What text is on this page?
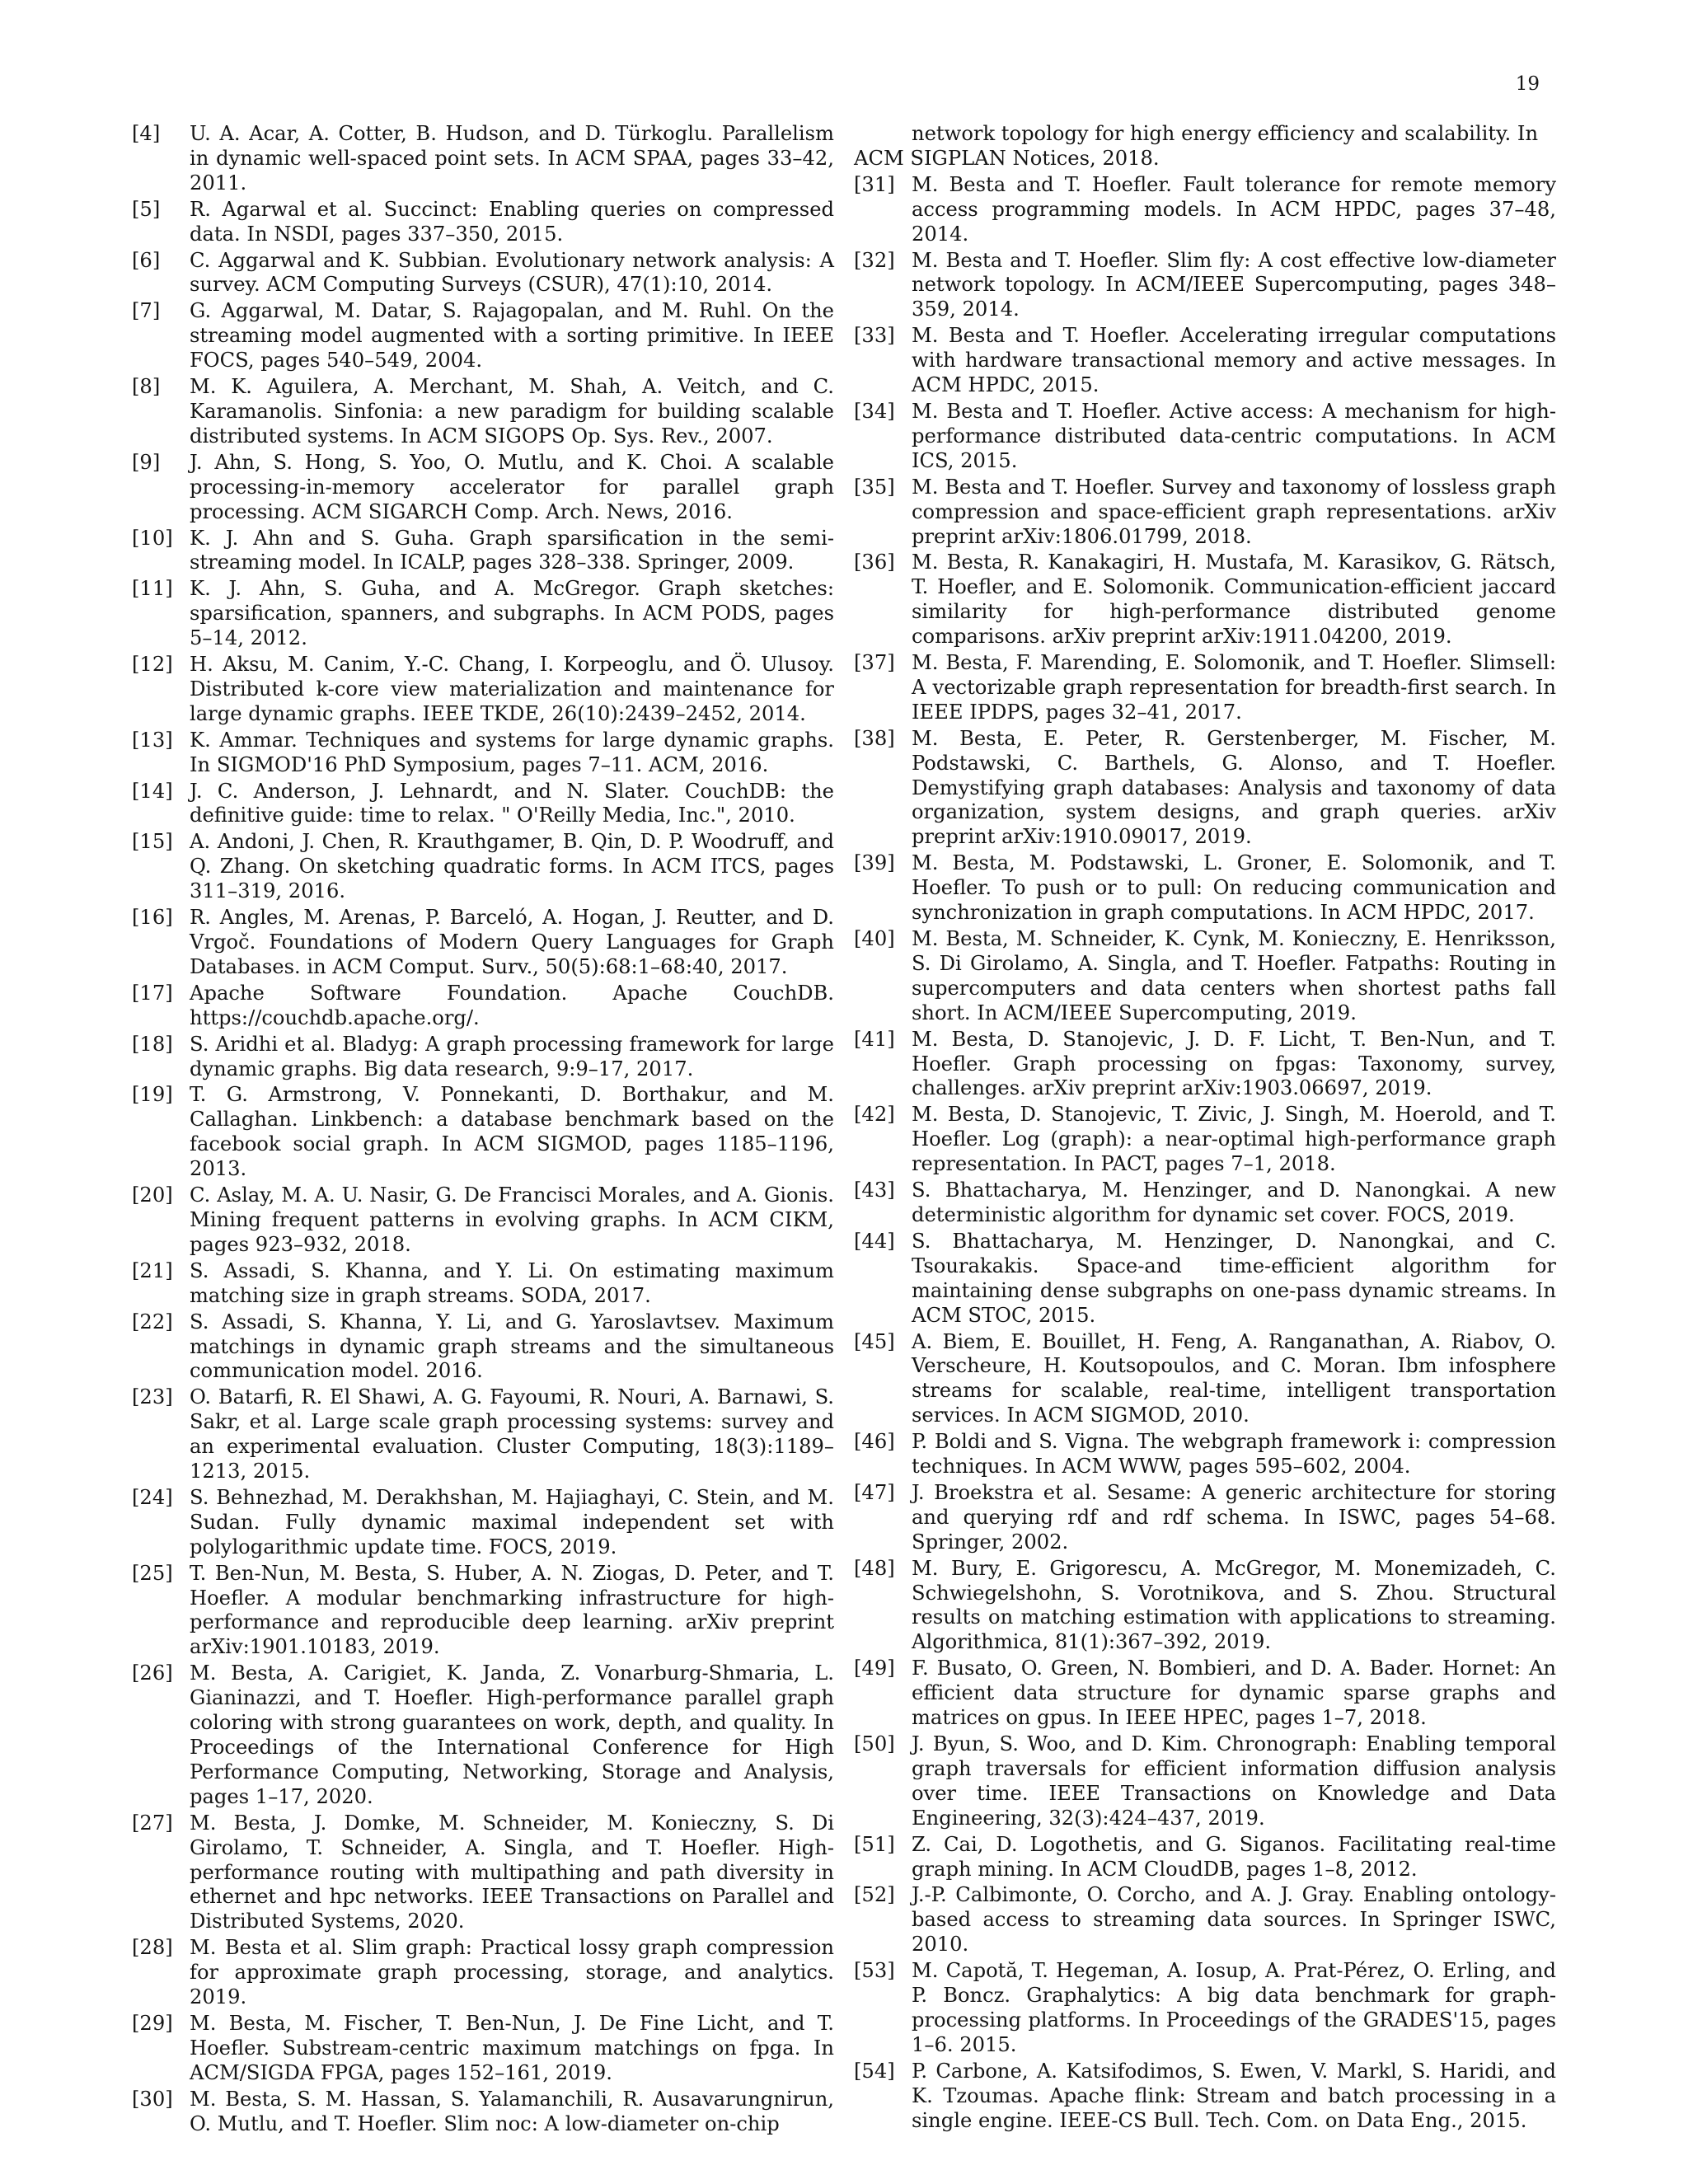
19
[4]	U. A. Acar, A. Cotter, B. Hudson, and D. Türkoglu. Parallelism in dynamic well-spaced point sets. In ACM SPAA, pages 33–42, 2011.
[5]	R. Agarwal et al. Succinct: Enabling queries on compressed data. In NSDI, pages 337–350, 2015.
[6]	C. Aggarwal and K. Subbian. Evolutionary network analysis: A survey. ACM Computing Surveys (CSUR), 47(1):10, 2014.
[7]	G. Aggarwal, M. Datar, S. Rajagopalan, and M. Ruhl. On the streaming model augmented with a sorting primitive. In IEEE FOCS, pages 540–549, 2004.
[8]	M. K. Aguilera, A. Merchant, M. Shah, A. Veitch, and C. Karamanolis. Sinfonia: a new paradigm for building scalable distributed systems. In ACM SIGOPS Op. Sys. Rev., 2007.
[9]	J. Ahn, S. Hong, S. Yoo, O. Mutlu, and K. Choi. A scalable processing-in-memory accelerator for parallel graph processing. ACM SIGARCH Comp. Arch. News, 2016.
[10] K. J. Ahn and S. Guha. Graph sparsification in the semi-streaming model. In ICALP, pages 328–338. Springer, 2009.
[11] K. J. Ahn, S. Guha, and A. McGregor. Graph sketches: sparsification, spanners, and subgraphs. In ACM PODS, pages 5–14, 2012.
[12] H. Aksu, M. Canim, Y.-C. Chang, I. Korpeoglu, and Ö. Ulusoy. Distributed k-core view materialization and maintenance for large dynamic graphs. IEEE TKDE, 26(10):2439–2452, 2014.
[13] K. Ammar. Techniques and systems for large dynamic graphs. In SIGMOD'16 PhD Symposium, pages 7–11. ACM, 2016.
[14] J. C. Anderson, J. Lehnardt, and N. Slater. CouchDB: the definitive guide: time to relax. " O'Reilly Media, Inc.", 2010.
[15] A. Andoni, J. Chen, R. Krauthgamer, B. Qin, D. P. Woodruff, and Q. Zhang. On sketching quadratic forms. In ACM ITCS, pages 311–319, 2016.
[16] R. Angles, M. Arenas, P. Barceló, A. Hogan, J. Reutter, and D. Vrgoč. Foundations of Modern Query Languages for Graph Databases. in ACM Comput. Surv., 50(5):68:1–68:40, 2017.
[17] Apache Software Foundation. Apache CouchDB. https://couchdb.apache.org/.
[18] S. Aridhi et al. Bladyg: A graph processing framework for large dynamic graphs. Big data research, 9:9–17, 2017.
[19] T. G. Armstrong, V. Ponnekanti, D. Borthakur, and M. Callaghan. Linkbench: a database benchmark based on the facebook social graph. In ACM SIGMOD, pages 1185–1196, 2013.
[20] C. Aslay, M. A. U. Nasir, G. De Francisci Morales, and A. Gionis. Mining frequent patterns in evolving graphs. In ACM CIKM, pages 923–932, 2018.
[21] S. Assadi, S. Khanna, and Y. Li. On estimating maximum matching size in graph streams. SODA, 2017.
[22] S. Assadi, S. Khanna, Y. Li, and G. Yaroslavtsev. Maximum matchings in dynamic graph streams and the simultaneous communication model. 2016.
[23] O. Batarfi, R. El Shawi, A. G. Fayoumi, R. Nouri, A. Barnawi, S. Sakr, et al. Large scale graph processing systems: survey and an experimental evaluation. Cluster Computing, 18(3):1189–1213, 2015.
[24] S. Behnezhad, M. Derakhshan, M. Hajiaghayi, C. Stein, and M. Sudan. Fully dynamic maximal independent set with polylogarithmic update time. FOCS, 2019.
[25] T. Ben-Nun, M. Besta, S. Huber, A. N. Ziogas, D. Peter, and T. Hoefler. A modular benchmarking infrastructure for high-performance and reproducible deep learning. arXiv preprint arXiv:1901.10183, 2019.
[26] M. Besta, A. Carigiet, K. Janda, Z. Vonarburg-Shmaria, L. Gianinazzi, and T. Hoefler. High-performance parallel graph coloring with strong guarantees on work, depth, and quality. In Proceedings of the International Conference for High Performance Computing, Networking, Storage and Analysis, pages 1–17, 2020.
[27] M. Besta, J. Domke, M. Schneider, M. Konieczny, S. Di Girolamo, T. Schneider, A. Singla, and T. Hoefler. High-performance routing with multipathing and path diversity in ethernet and hpc networks. IEEE Transactions on Parallel and Distributed Systems, 2020.
[28] M. Besta et al. Slim graph: Practical lossy graph compression for approximate graph processing, storage, and analytics. 2019.
[29] M. Besta, M. Fischer, T. Ben-Nun, J. De Fine Licht, and T. Hoefler. Substream-centric maximum matchings on fpga. In ACM/SIGDA FPGA, pages 152–161, 2019.
[30] M. Besta, S. M. Hassan, S. Yalamanchili, R. Ausavarungnirun, O. Mutlu, and T. Hoefler. Slim noc: A low-diameter on-chip
network topology for high energy efficiency and scalability. In ACM SIGPLAN Notices, 2018.
[31] M. Besta and T. Hoefler. Fault tolerance for remote memory access programming models. In ACM HPDC, pages 37–48, 2014.
[32] M. Besta and T. Hoefler. Slim fly: A cost effective low-diameter network topology. In ACM/IEEE Supercomputing, pages 348–359, 2014.
[33] M. Besta and T. Hoefler. Accelerating irregular computations with hardware transactional memory and active messages. In ACM HPDC, 2015.
[34] M. Besta and T. Hoefler. Active access: A mechanism for high-performance distributed data-centric computations. In ACM ICS, 2015.
[35] M. Besta and T. Hoefler. Survey and taxonomy of lossless graph compression and space-efficient graph representations. arXiv preprint arXiv:1806.01799, 2018.
[36] M. Besta, R. Kanakagiri, H. Mustafa, M. Karasikov, G. Rätsch, T. Hoefler, and E. Solomonik. Communication-efficient jaccard similarity for high-performance distributed genome comparisons. arXiv preprint arXiv:1911.04200, 2019.
[37] M. Besta, F. Marending, E. Solomonik, and T. Hoefler. Slimsell: A vectorizable graph representation for breadth-first search. In IEEE IPDPS, pages 32–41, 2017.
[38] M. Besta, E. Peter, R. Gerstenberger, M. Fischer, M. Podstawski, C. Barthels, G. Alonso, and T. Hoefler. Demystifying graph databases: Analysis and taxonomy of data organization, system designs, and graph queries. arXiv preprint arXiv:1910.09017, 2019.
[39] M. Besta, M. Podstawski, L. Groner, E. Solomonik, and T. Hoefler. To push or to pull: On reducing communication and synchronization in graph computations. In ACM HPDC, 2017.
[40] M. Besta, M. Schneider, K. Cynk, M. Konieczny, E. Henriksson, S. Di Girolamo, A. Singla, and T. Hoefler. Fatpaths: Routing in supercomputers and data centers when shortest paths fall short. In ACM/IEEE Supercomputing, 2019.
[41] M. Besta, D. Stanojevic, J. D. F. Licht, T. Ben-Nun, and T. Hoefler. Graph processing on fpgas: Taxonomy, survey, challenges. arXiv preprint arXiv:1903.06697, 2019.
[42] M. Besta, D. Stanojevic, T. Zivic, J. Singh, M. Hoerold, and T. Hoefler. Log (graph): a near-optimal high-performance graph representation. In PACT, pages 7–1, 2018.
[43] S. Bhattacharya, M. Henzinger, and D. Nanongkai. A new deterministic algorithm for dynamic set cover. FOCS, 2019.
[44] S. Bhattacharya, M. Henzinger, D. Nanongkai, and C. Tsourakakis. Space-and time-efficient algorithm for maintaining dense subgraphs on one-pass dynamic streams. In ACM STOC, 2015.
[45] A. Biem, E. Bouillet, H. Feng, A. Ranganathan, A. Riabov, O. Verscheure, H. Koutsopoulos, and C. Moran. Ibm infosphere streams for scalable, real-time, intelligent transportation services. In ACM SIGMOD, 2010.
[46] P. Boldi and S. Vigna. The webgraph framework i: compression techniques. In ACM WWW, pages 595–602, 2004.
[47] J. Broekstra et al. Sesame: A generic architecture for storing and querying rdf and rdf schema. In ISWC, pages 54–68. Springer, 2002.
[48] M. Bury, E. Grigorescu, A. McGregor, M. Monemizadeh, C. Schwiegelshohn, S. Vorotnikova, and S. Zhou. Structural results on matching estimation with applications to streaming. Algorithmica, 81(1):367–392, 2019.
[49] F. Busato, O. Green, N. Bombieri, and D. A. Bader. Hornet: An efficient data structure for dynamic sparse graphs and matrices on gpus. In IEEE HPEC, pages 1–7, 2018.
[50] J. Byun, S. Woo, and D. Kim. Chronograph: Enabling temporal graph traversals for efficient information diffusion analysis over time. IEEE Transactions on Knowledge and Data Engineering, 32(3):424–437, 2019.
[51] Z. Cai, D. Logothetis, and G. Siganos. Facilitating real-time graph mining. In ACM CloudDB, pages 1–8, 2012.
[52] J.-P. Calbimonte, O. Corcho, and A. J. Gray. Enabling ontology-based access to streaming data sources. In Springer ISWC, 2010.
[53] M. Capotă, T. Hegeman, A. Iosup, A. Prat-Pérez, O. Erling, and P. Boncz. Graphalytics: A big data benchmark for graph-processing platforms. In Proceedings of the GRADES'15, pages 1–6. 2015.
[54] P. Carbone, A. Katsifodimos, S. Ewen, V. Markl, S. Haridi, and K. Tzoumas. Apache flink: Stream and batch processing in a single engine. IEEE-CS Bull. Tech. Com. on Data Eng., 2015.
